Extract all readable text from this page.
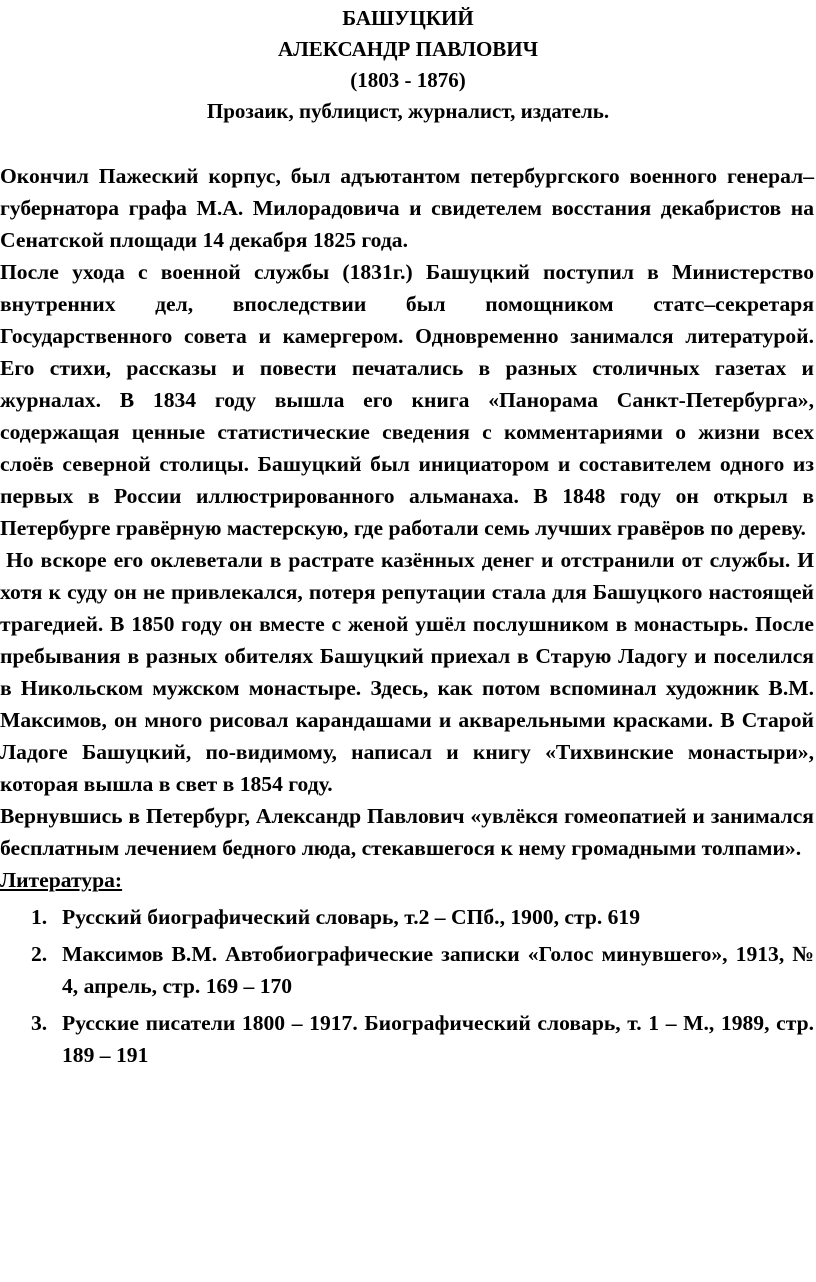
БАШУЦКИЙ
АЛЕКСАНДР ПАВЛОВИЧ
(1803 - 1876)
Прозаик, публицист, журналист, издатель.

Окончил Пажеский корпус, был адъютантом петербургского военного генерал–губернатора графа М.А. Милорадовича и свидетелем восстания декабристов на Сенатской площади 14 декабря 1825 года.

После ухода с военной службы (1831г.) Башуцкий поступил в Министерство внутренних дел, впоследствии был помощником статс–секретаря Государственного совета и камергером. Одновременно занимался литературой. Его стихи, рассказы и повести печатались в разных столичных газетах и журналах. В 1834 году вышла его книга «Панорама Санкт-Петербурга», содержащая ценные статистические сведения с комментариями о жизни всех слоёв северной столицы. Башуцкий был инициатором и составителем одного из первых в России иллюстрированного альманаха. В 1848 году он открыл в Петербурге гравёрную мастерскую, где работали семь лучших гравёров по дереву.

Но вскоре его оклеветали в растрате казённых денег и отстранили от службы. И хотя к суду он не привлекался, потеря репутации стала для Башуцкого настоящей трагедией. В 1850 году он вместе с женой ушёл послушником в монастырь. После пребывания в разных обителях Башуцкий приехал в Старую Ладогу и поселился в Никольском мужском монастыре. Здесь, как потом вспоминал художник В.М. Максимов, он много рисовал карандашами и акварельными красками. В Старой Ладоге Башуцкий, по-видимому, написал и книгу «Тихвинские монастыри», которая вышла в свет в 1854 году.

Вернувшись в Петербург, Александр Павлович «увлёкся гомеопатией и занимался бесплатным лечением бедного люда, стекавшегося к нему громадными толпами».

Литература:

1. Русский биографический словарь, т.2 – СПб., 1900, стр. 619
2. Максимов В.М. Автобиографические записки «Голос минувшего», 1913, № 4, апрель, стр. 169 – 170
3. Русские писатели 1800 – 1917. Биографический словарь, т. 1 – М., 1989, стр. 189 – 191
